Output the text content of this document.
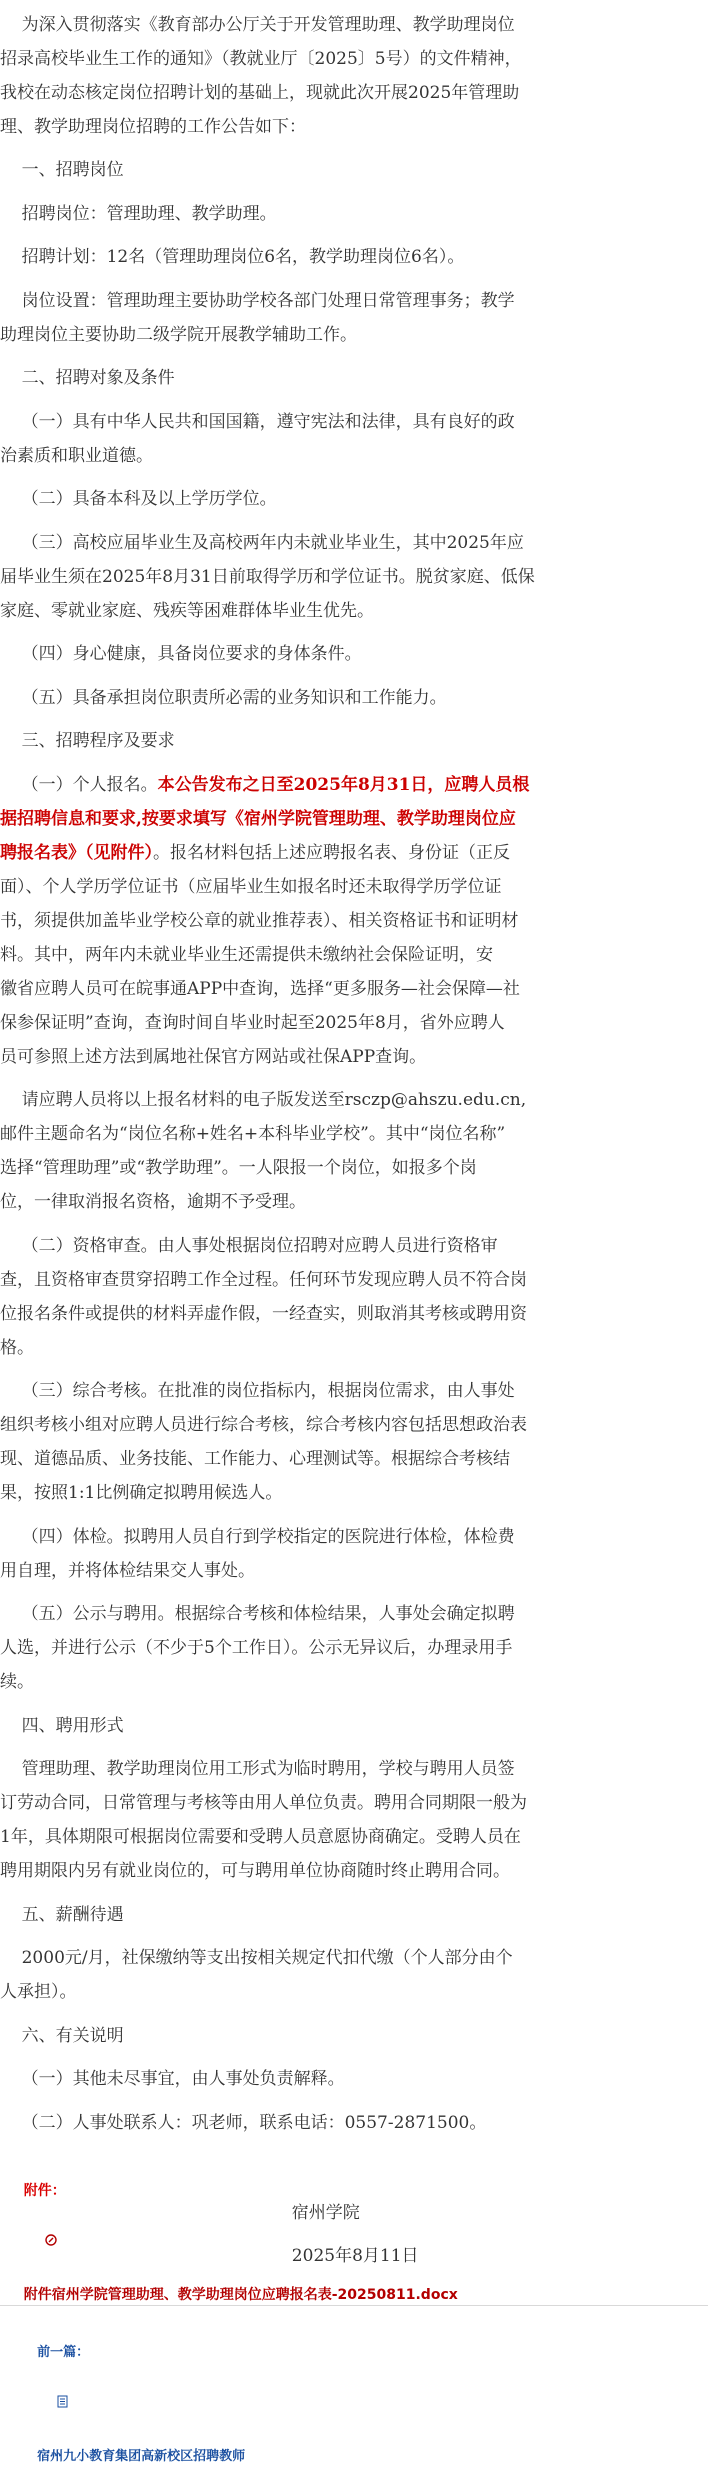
为深入贯彻落实《教育部办公厅关于开发管理助理、教学助理岗位
招录高校毕业生工作的通知》（教就业厅〔2025〕5号）的文件精神，
我校在动态核定岗位招聘计划的基础上，现就此次开展2025年管理助
理、教学助理岗位招聘的工作公告如下：
一、招聘岗位
招聘岗位：管理助理、教学助理。
招聘计划：12名（管理助理岗位6名，教学助理岗位6名）。
岗位设置：管理助理主要协助学校各部门处理日常管理事务；教学
助理岗位主要协助二级学院开展教学辅助工作。
二、招聘对象及条件
（一）具有中华人民共和国国籍，遵守宪法和法律，具有良好的政
治素质和职业道德。
（二）具备本科及以上学历学位。
（三）高校应届毕业生及高校两年内未就业毕业生，其中2025年应
届毕业生须在2025年8月31日前取得学历和学位证书。脱贫家庭、低保
家庭、零就业家庭、残疾等困难群体毕业生优先。
（四）身心健康，具备岗位要求的身体条件。
（五）具备承担岗位职责所必需的业务知识和工作能力。
三、招聘程序及要求
（一）个人报名。本公告发布之日至2025年8月31日，应聘人员根
据招聘信息和要求,按要求填写《宿州学院管理助理、教学助理岗位应
聘报名表》（见附件）。报名材料包括上述应聘报名表、身份证（正反
面）、个人学历学位证书（应届毕业生如报名时还未取得学历学位证
书，须提供加盖毕业学校公章的就业推荐表）、相关资格证书和证明材
料。其中，两年内未就业毕业生还需提供未缴纳社会保险证明，安
徽省应聘人员可在皖事通APP中查询，选择“更多服务—社会保障—社
保参保证明”查询，查询时间自毕业时起至2025年8月，省外应聘人
员可参照上述方法到属地社保官方网站或社保APP查询。
请应聘人员将以上报名材料的电子版发送至rsczp@ahszu.edu.cn,
邮件主题命名为“岗位名称+姓名+本科毕业学校”。其中“岗位名称”
选择“管理助理”或“教学助理”。一人限报一个岗位，如报多个岗
位，一律取消报名资格，逾期不予受理。
（二）资格审查。由人事处根据岗位招聘对应聘人员进行资格审
查，且资格审查贯穿招聘工作全过程。任何环节发现应聘人员不符合岗
位报名条件或提供的材料弄虚作假，一经查实，则取消其考核或聘用资
格。
（三）综合考核。在批准的岗位指标内，根据岗位需求，由人事处
组织考核小组对应聘人员进行综合考核，综合考核内容包括思想政治表
现、道德品质、业务技能、工作能力、心理测试等。根据综合考核结
果，按照1:1比例确定拟聘用候选人。
（四）体检。拟聘用人员自行到学校指定的医院进行体检，体检费
用自理，并将体检结果交人事处。
（五）公示与聘用。根据综合考核和体检结果，人事处会确定拟聘
人选，并进行公示（不少于5个工作日）。公示无异议后，办理录用手
续。
四、聘用形式
管理助理、教学助理岗位用工形式为临时聘用，学校与聘用人员签
订劳动合同，日常管理与考核等由用人单位负责。聘用合同期限一般为
1年，具体期限可根据岗位需要和受聘人员意愿协商确定。受聘人员在
聘用期限内另有就业岗位的，可与聘用单位协商随时终止聘用合同。
五、薪酬待遇
2000元/月，社保缴纳等支出按相关规定代扣代缴（个人部分由个
人承担）。
六、有关说明
（一）其他未尽事宜，由人事处负责解释。
（二）人事处联系人：巩老师，联系电话：0557-2871500。
宿州学院
2025年8月11日

附件：

附件宿州学院管理助理、教学助理岗位应聘报名表-20250811.docx

前一篇：

宿州九小教育集团高新校区招聘教师
